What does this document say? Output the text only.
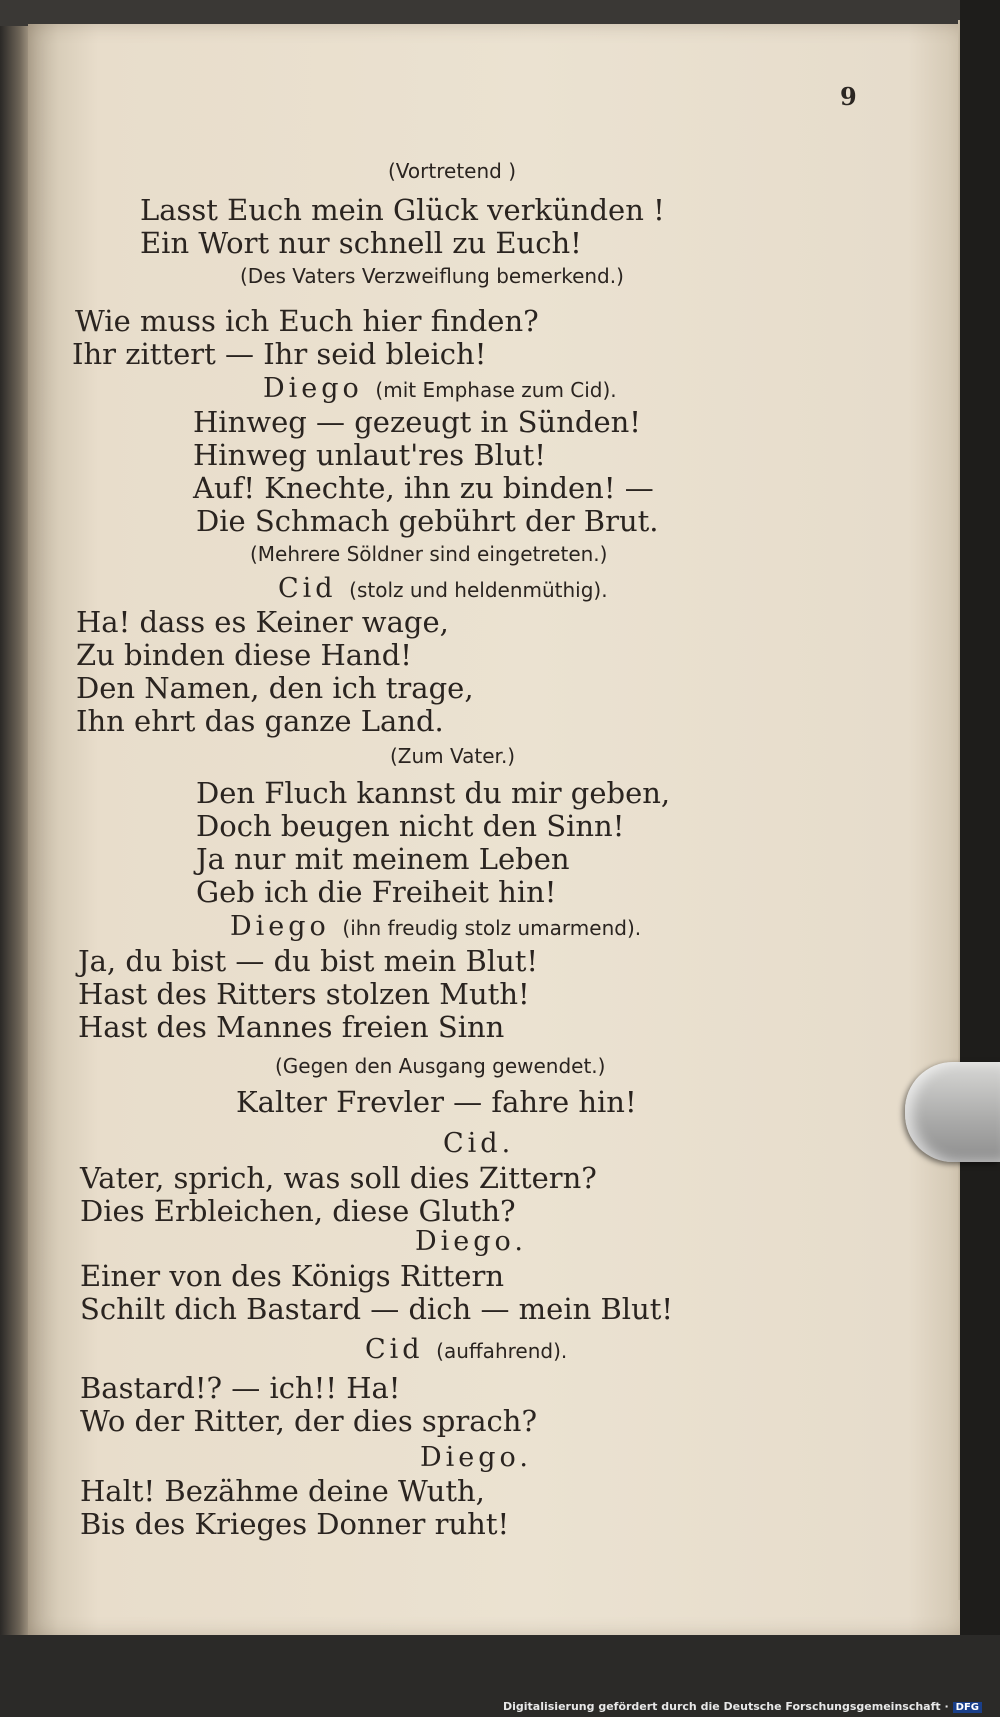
9
(Vortretend )
Lasst Euch mein Glück verkünden !
Ein Wort nur schnell zu Euch!
(Des Vaters Verzweiflung bemerkend.)
Wie muss ich Euch hier finden?
Ihr zittert — Ihr seid bleich!
Diego (mit Emphase zum Cid).
Hinweg — gezeugt in Sünden!
Hinweg unlaut'res Blut!
Auf! Knechte, ihn zu binden! —
Die Schmach gebührt der Brut.
(Mehrere Söldner sind eingetreten.)
Cid (stolz und heldenmüthig).
Ha! dass es Keiner wage,
Zu binden diese Hand!
Den Namen, den ich trage,
Ihn ehrt das ganze Land.
(Zum Vater.)
Den Fluch kannst du mir geben,
Doch beugen nicht den Sinn!
Ja nur mit meinem Leben
Geb ich die Freiheit hin!
Diego (ihn freudig stolz umarmend).
Ja, du bist — du bist mein Blut!
Hast des Ritters stolzen Muth!
Hast des Mannes freien Sinn
(Gegen den Ausgang gewendet.)
Kalter Frevler — fahre hin!
Cid.
Vater, sprich, was soll dies Zittern?
Dies Erbleichen, diese Gluth?
Diego.
Einer von des Königs Rittern
Schilt dich Bastard — dich — mein Blut!
Cid (auffahrend).
Bastard!? — ich!! Ha!
Wo der Ritter, der dies sprach?
Diego.
Halt! Bezähme deine Wuth,
Bis des Krieges Donner ruht!
Digitalisierung gefördert durch die Deutsche Forschungsgemeinschaft · DFG
